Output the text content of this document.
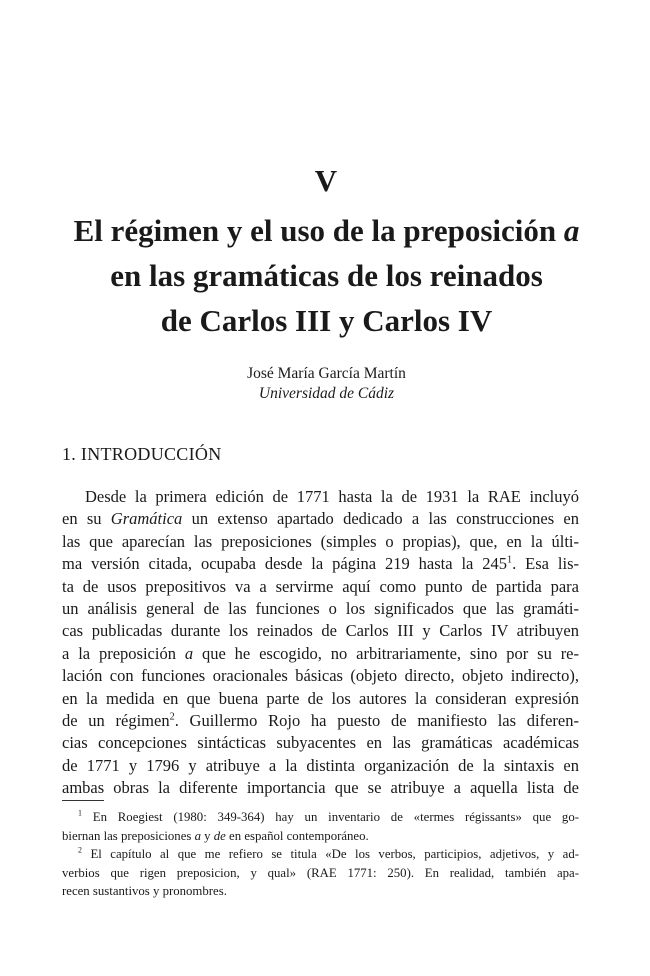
V
El régimen y el uso de la preposición a
en las gramáticas de los reinados
de Carlos III y Carlos IV
José María García Martín
Universidad de Cádiz
1. INTRODUCCIÓN
Desde la primera edición de 1771 hasta la de 1931 la RAE incluyó
en su Gramática un extenso apartado dedicado a las construcciones en
las que aparecían las preposiciones (simples o propias), que, en la últi-
ma versión citada, ocupaba desde la página 219 hasta la $245^1$. Esa lis-
ta de usos prepositivos va a servirme aquí como punto de partida para
un análisis general de las funciones o los significados que las gramáti-
cas publicadas durante los reinados de Carlos III y Carlos IV atribuyen
a la preposición a que he escogido, no arbitrariamente, sino por su re-
lación con funciones oracionales básicas (objeto directo, objeto indirecto),
en la medida en que buena parte de los autores la consideran expresión
de un régimen$^2$. Guillermo Rojo ha puesto de manifiesto las diferen-
cias concepciones sintácticas subyacentes en las gramáticas académicas
de 1771 y 1796 y atribuye a la distinta organización de la sintaxis en
ambas obras la diferente importancia que se atribuye a aquella lista de
$^1$ En Roegiest (1980: 349-364) hay un inventario de «termes régissants» que go-
biernan las preposiciones a y de en español contemporáneo.
$^2$ El capítulo al que me refiero se titula «De los verbos, participios, adjetivos, y ad-
verbios que rigen preposicion, y qual» (RAE 1771: 250). En realidad, también apa-
recen sustantivos y pronombres.
